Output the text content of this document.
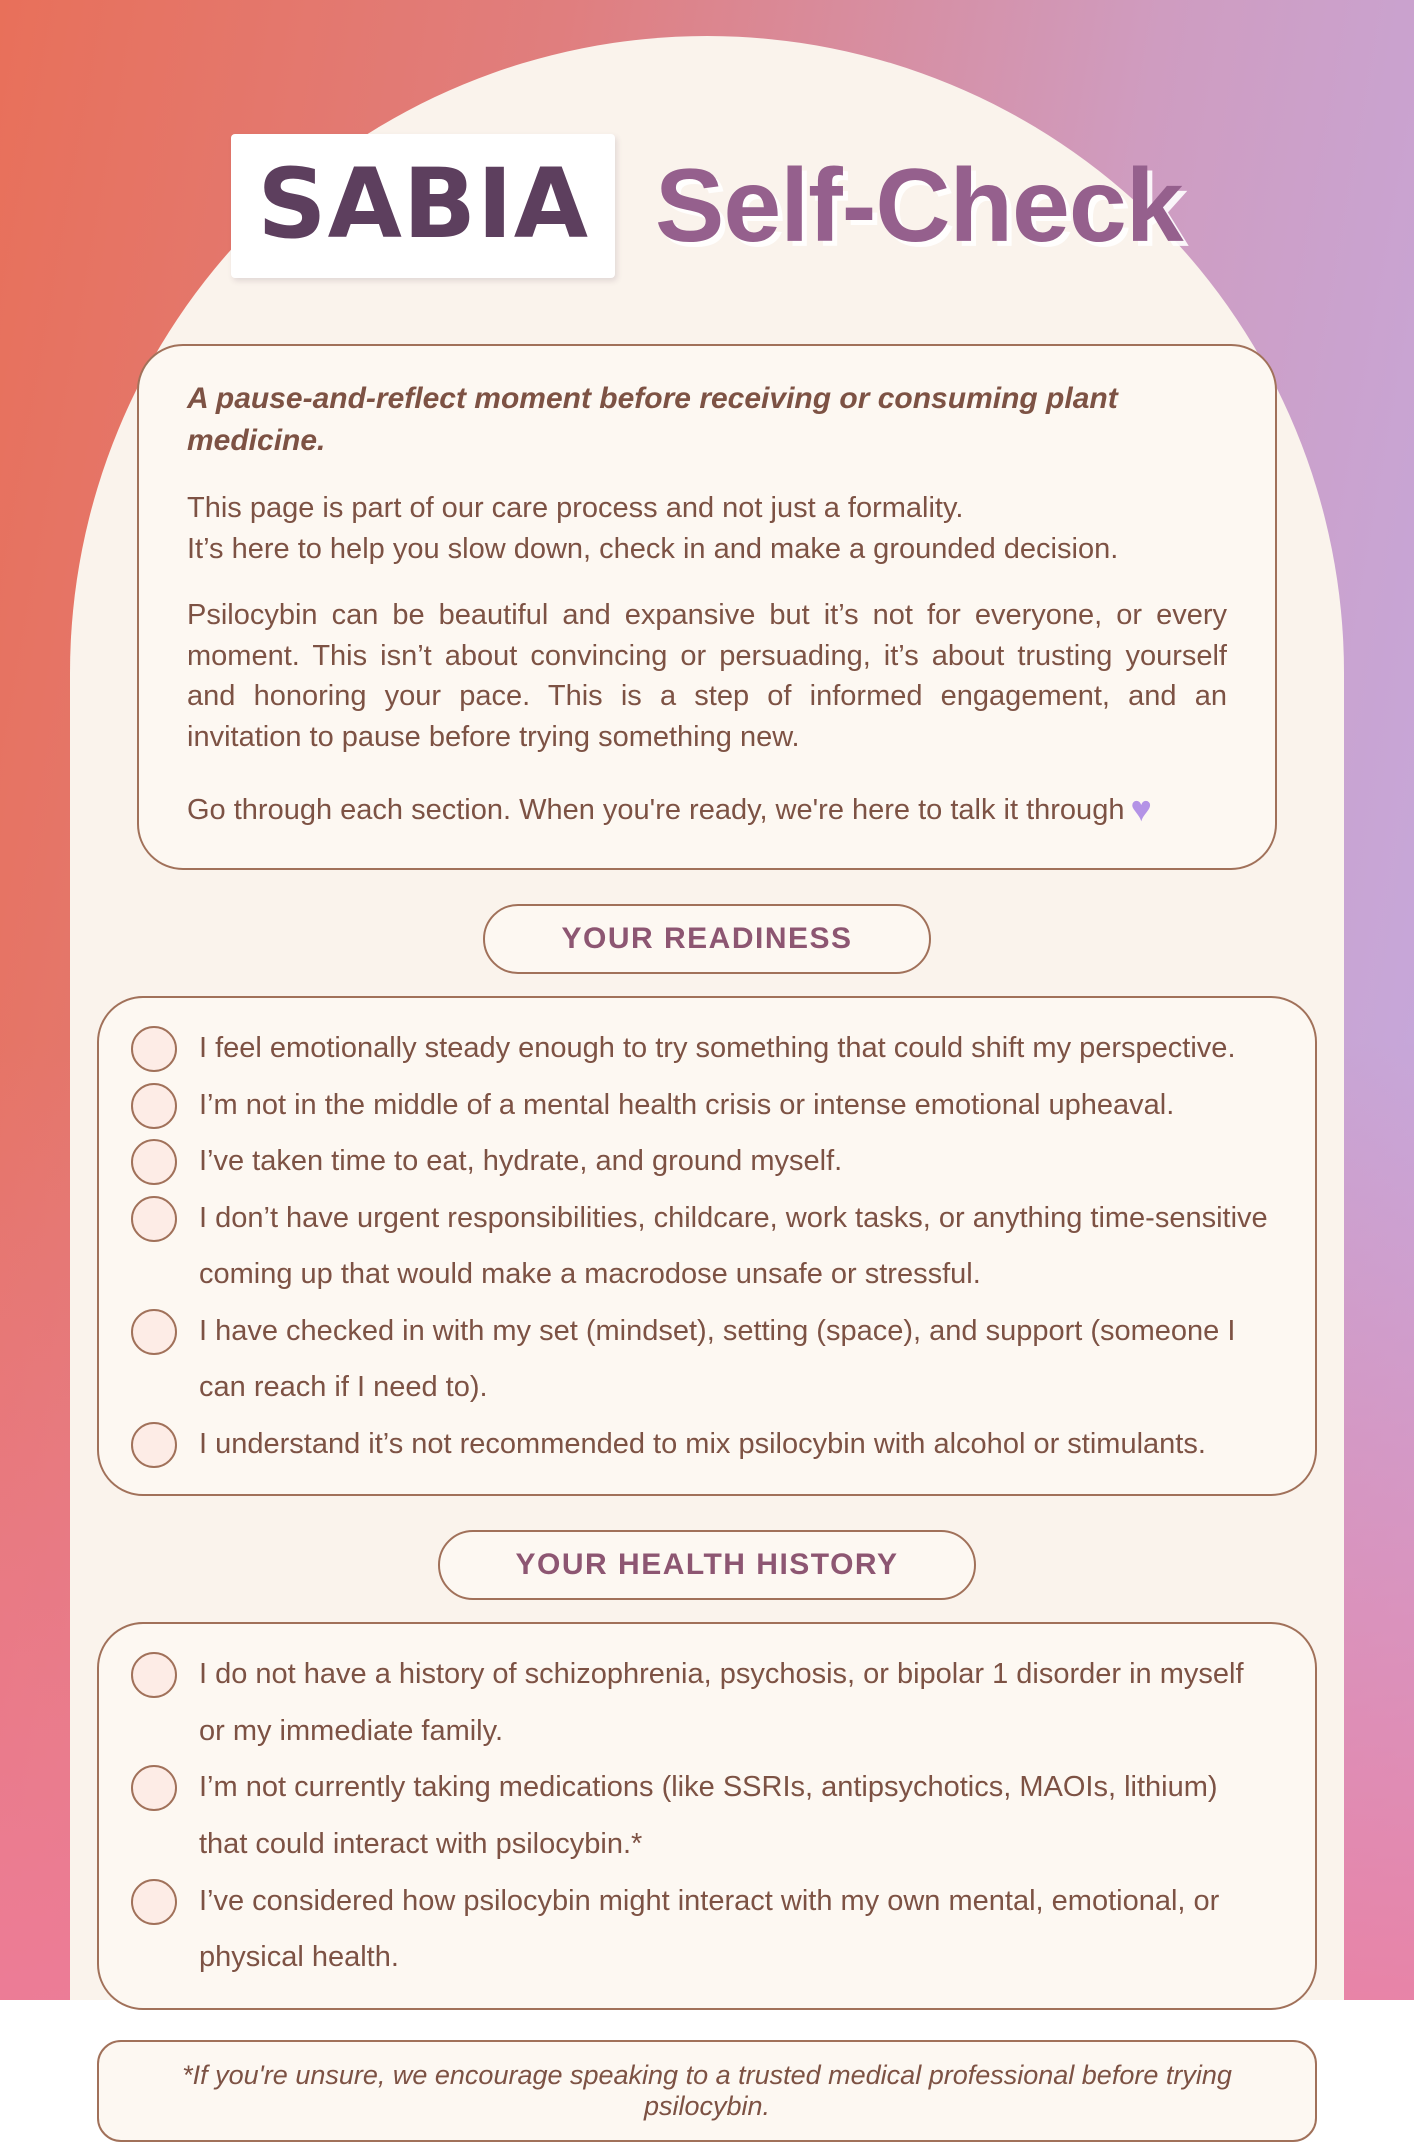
SABIA Self-Check

A pause-and-reflect moment before receiving or consuming plant medicine.

This page is part of our care process and not just a formality.
It’s here to help you slow down, check in and make a grounded decision.

Psilocybin can be beautiful and expansive but it’s not for everyone, or every moment. This isn’t about convincing or persuading, it’s about trusting yourself and honoring your pace. This is a step of informed engagement, and an invitation to pause before trying something new.

Go through each section. When you're ready, we're here to talk it through ♥

YOUR READINESS

I feel emotionally steady enough to try something that could shift my perspective.

I’m not in the middle of a mental health crisis or intense emotional upheaval.

I’ve taken time to eat, hydrate, and ground myself.

I don’t have urgent responsibilities, childcare, work tasks, or anything time-sensitive coming up that would make a macrodose unsafe or stressful.

I have checked in with my set (mindset), setting (space), and support (someone I can reach if I need to).

I understand it’s not recommended to mix psilocybin with alcohol or stimulants.

YOUR HEALTH HISTORY

I do not have a history of schizophrenia, psychosis, or bipolar 1 disorder in myself or my immediate family.

I’m not currently taking medications (like SSRIs, antipsychotics, MAOIs, lithium) that could interact with psilocybin.*

I’ve considered how psilocybin might interact with my own mental, emotional, or physical health.

*If you're unsure, we encourage speaking to a trusted medical professional before trying psilocybin.
